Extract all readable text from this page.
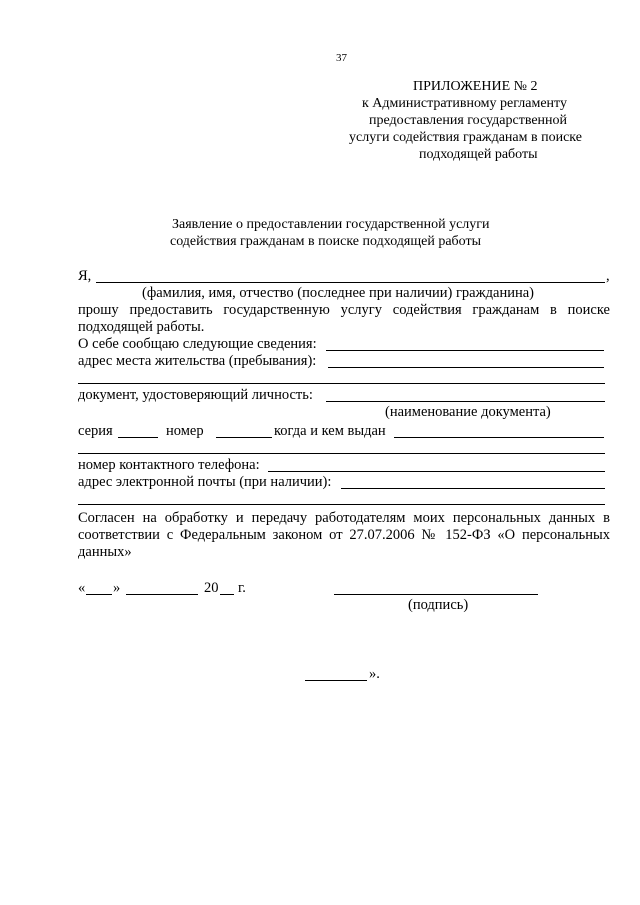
37
ПРИЛОЖЕНИЕ № 2
к Административному регламенту
предоставления государственной
услуги содействия гражданам в поиске
подходящей работы
Заявление о предоставлении государственной услуги
содействия гражданам в поиске подходящей работы
Я,	,
(фамилия, имя, отчество (последнее при наличии) гражданина)
прошу предоставить государственную услугу содействия гражданам в поиске
подходящей работы.
О себе сообщаю следующие сведения:
адрес места жительства (пребывания):
документ, удостоверяющий личность:
(наименование документа)
серия	номер	когда и кем выдан
номер контактного телефона:
адрес электронной почты (при наличии):
Согласен на обработку и передачу работодателям моих персональных данных в соответствии с Федеральным законом от 27.07.2006 № 152-ФЗ «О персональных данных»
« »	20 г.
(подпись)
».
